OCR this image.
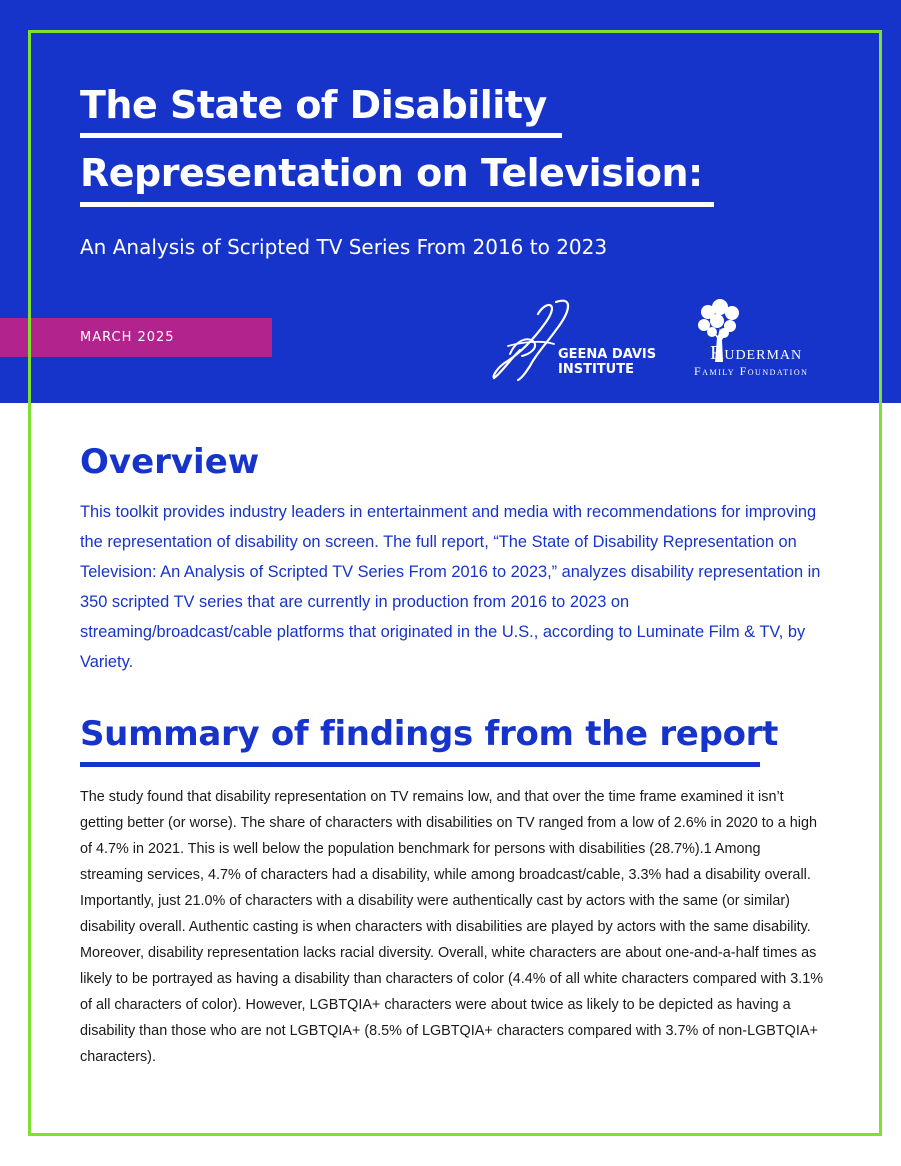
The State of Disability
Representation on Television:
An Analysis of Scripted TV Series From 2016 to 2023
MARCH 2025
GEENA DAVIS
INSTITUTE
Ruderman
Family Foundation
Overview

This toolkit provides industry leaders in entertainment and media with recommendations for improving the representation of disability on screen. The full report, “The State of Disability Representation on Television: An Analysis of Scripted TV Series From 2016 to 2023,” analyzes disability representation in 350 scripted TV series that are currently in production from 2016 to 2023 on streaming/broadcast/cable platforms that originated in the U.S., according to Luminate Film & TV, by Variety.

Summary of findings from the report

The study found that disability representation on TV remains low, and that over the time frame examined it isn’t getting better (or worse). The share of characters with disabilities on TV ranged from a low of 2.6% in 2020 to a high of 4.7% in 2021. This is well below the population benchmark for persons with disabilities (28.7%).1 Among streaming services, 4.7% of characters had a disability, while among broadcast/cable, 3.3% had a disability overall. Importantly, just 21.0% of characters with a disability were authentically cast by actors with the same (or similar) disability overall. Authentic casting is when characters with disabilities are played by actors with the same disability. Moreover, disability representation lacks racial diversity. Overall, white characters are about one-and-a-half times as likely to be portrayed as having a disability than characters of color (4.4% of all white characters compared with 3.1% of all characters of color). However, LGBTQIA+ characters were about twice as likely to be depicted as having a disability than those who are not LGBTQIA+ (8.5% of LGBTQIA+ characters compared with 3.7% of non-LGBTQIA+ characters).
